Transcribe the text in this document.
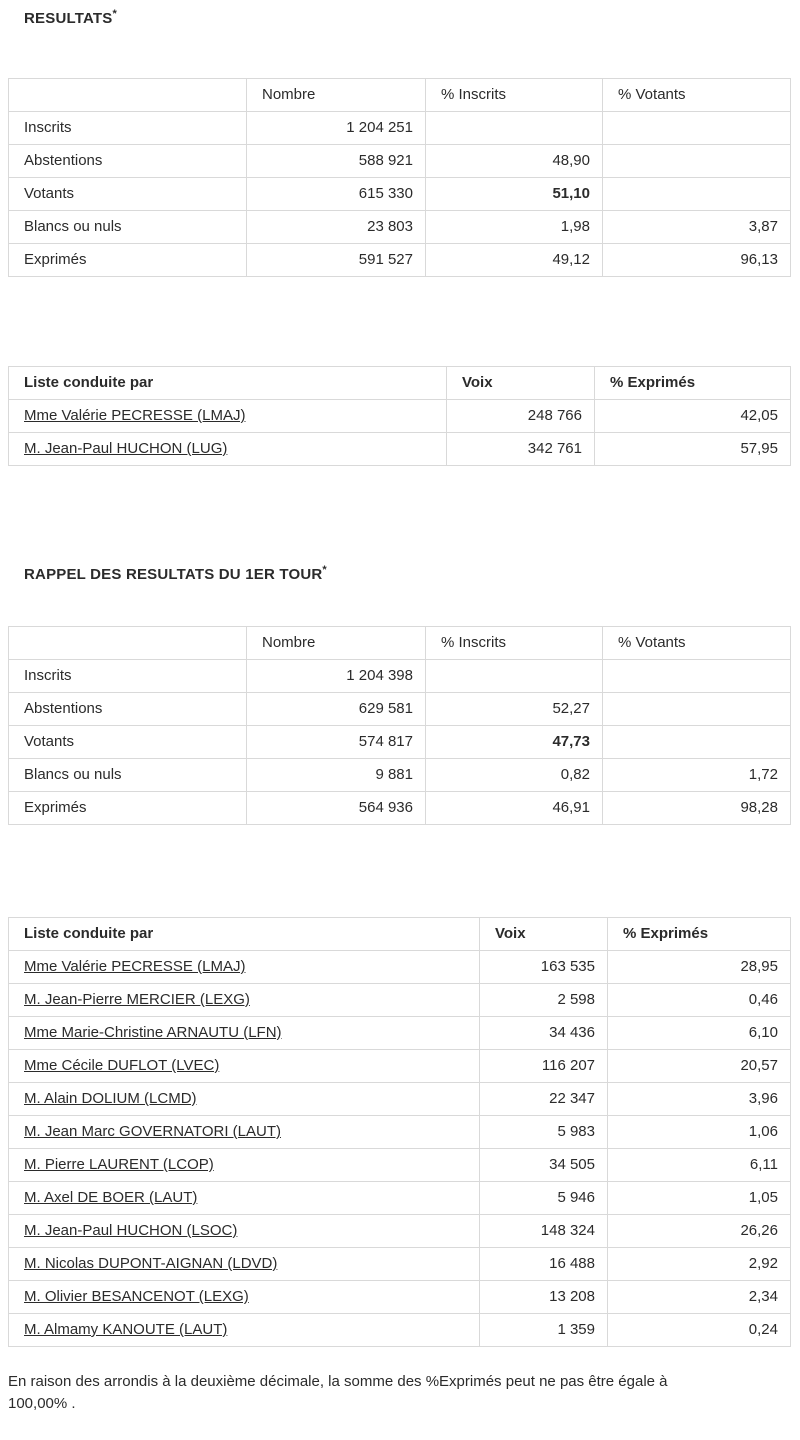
RESULTATS*
	Nombre	% Inscrits	% Votants
Inscrits	1 204 251		
Abstentions	588 921	48,90	
Votants	615 330	51,10	
Blancs ou nuls	23 803	1,98	3,87
Exprimés	591 527	49,12	96,13
Liste conduite par	Voix	% Exprimés
Mme Valérie PECRESSE (LMAJ)	248 766	42,05
M. Jean-Paul HUCHON (LUG)	342 761	57,95
RAPPEL DES RESULTATS DU 1ER TOUR*
	Nombre	% Inscrits	% Votants
Inscrits	1 204 398		
Abstentions	629 581	52,27	
Votants	574 817	47,73	
Blancs ou nuls	9 881	0,82	1,72
Exprimés	564 936	46,91	98,28
Liste conduite par	Voix	% Exprimés
Mme Valérie PECRESSE (LMAJ)	163 535	28,95
M. Jean-Pierre MERCIER (LEXG)	2 598	0,46
Mme Marie-Christine ARNAUTU (LFN)	34 436	6,10
Mme Cécile DUFLOT (LVEC)	116 207	20,57
M. Alain DOLIUM (LCMD)	22 347	3,96
M. Jean Marc GOVERNATORI (LAUT)	5 983	1,06
M. Pierre LAURENT (LCOP)	34 505	6,11
M. Axel DE BOER (LAUT)	5 946	1,05
M. Jean-Paul HUCHON (LSOC)	148 324	26,26
M. Nicolas DUPONT-AIGNAN (LDVD)	16 488	2,92
M. Olivier BESANCENOT (LEXG)	13 208	2,34
M. Almamy KANOUTE (LAUT)	1 359	0,24
En raison des arrondis à la deuxième décimale, la somme des %Exprimés peut ne pas être égale à
100,00% .
